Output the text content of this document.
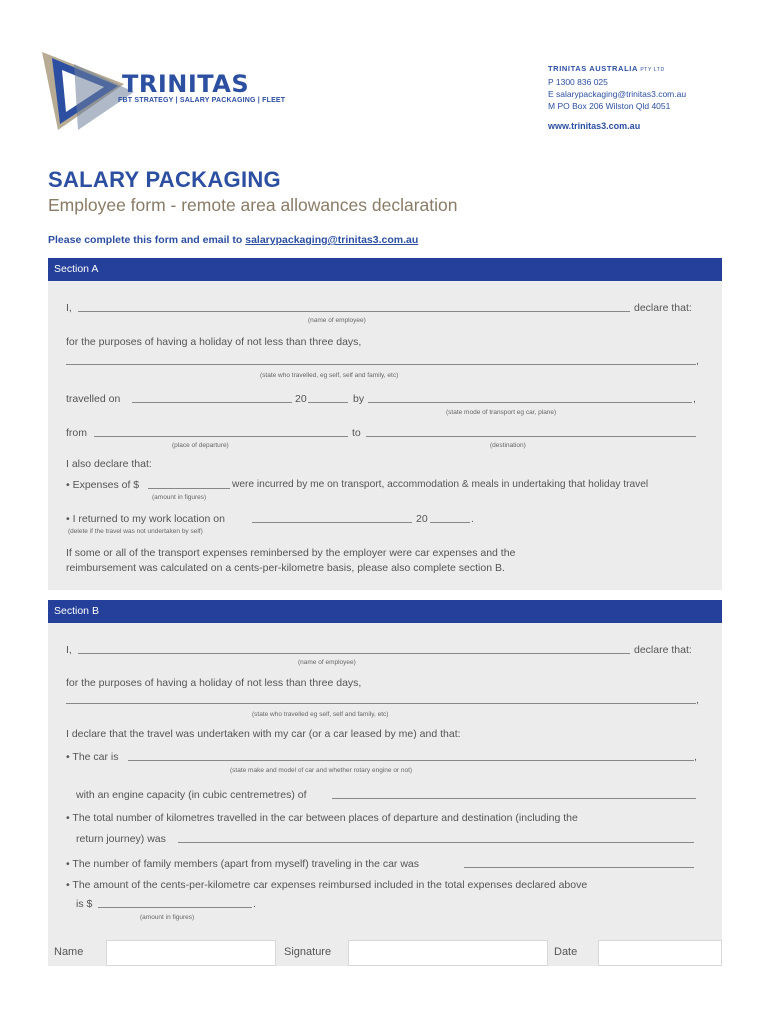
TRINITAS
FBT STRATEGY | SALARY PACKAGING | FLEET
TRINITAS AUSTRALIA PTY LTD
P 1300 836 025
E salarypackaging@trinitas3.com.au
M PO Box 206 Wilston Qld 4051
www.trinitas3.com.au
SALARY PACKAGING
Employee form - remote area allowances declaration
Please complete this form and email to salarypackaging@trinitas3.com.au
Section A
I,	declare that:
(name of employee)
for the purposes of having a holiday of not less than three days,
,
(state who travelled, eg self, self and family, etc)
travelled on	20	by	,
(state mode of transport eg car, plane)
from	to
(place of departure)	(destination)
I also declare that:
• Expenses of $	were incurred by me on transport, accommodation & meals in undertaking that holiday travel
(amount in figures)
• I returned to my work location on	20	.
(delete if the travel was not undertaken by self)
If some or all of the transport expenses reminbersed by the employer were car expenses and the
reimbursement was calculated on a cents-per-kilometre basis, please also complete section B.
Section B
I,	declare that:
(name of employee)
for the purposes of having a holiday of not less than three days,
,
(state who travelled eg self, self and family, etc)
I declare that the travel was undertaken with my car (or a car leased by me) and that:
• The car is	,
(state make and model of car and whether rotary engine or not)
with an engine capacity (in cubic centremetres) of
• The total number of kilometres travelled in the car between places of departure and destination (including the
return journey) was
• The number of family members (apart from myself) traveling in the car was
• The amount of the cents-per-kilometre car expenses reimbursed included in the total expenses declared above
is $	.
(amount in figures)
Name	Signature	Date
